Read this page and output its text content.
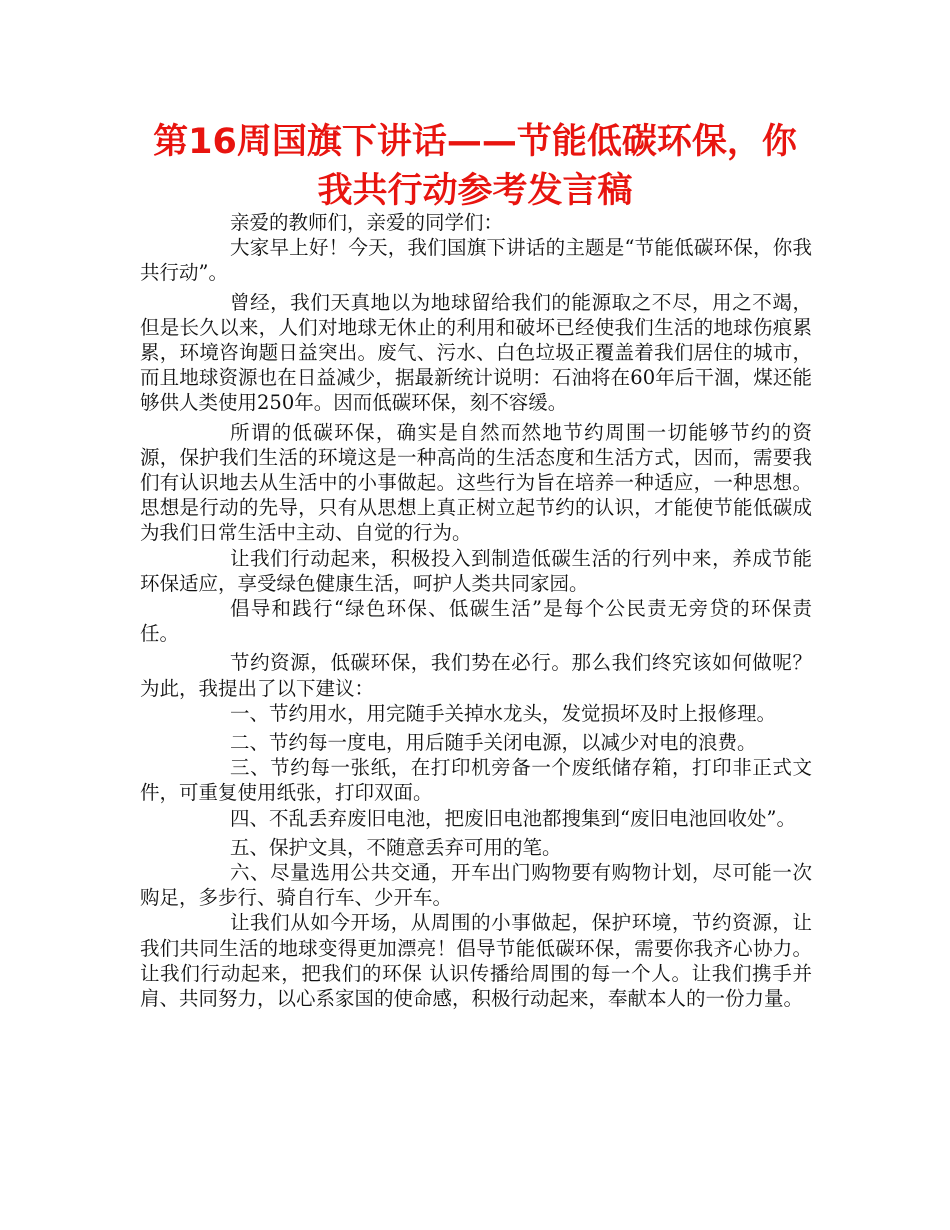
第16周国旗下讲话——节能低碳环保，你我共行动参考发言稿

亲爱的教师们，亲爱的同学们：

大家早上好！今天，我们国旗下讲话的主题是“节能低碳环保，你我共行动”。

曾经，我们天真地以为地球留给我们的能源取之不尽，用之不竭，但是长久以来，人们对地球无休止的利用和破坏已经使我们生活的地球伤痕累累，环境咨询题日益突出。废气、污水、白色垃圾正覆盖着我们居住的城市，而且地球资源也在日益减少，据最新统计说明：石油将在60年后干涸，煤还能够供人类使用250年。因而低碳环保，刻不容缓。

所谓的低碳环保，确实是自然而然地节约周围一切能够节约的资源，保护我们生活的环境这是一种高尚的生活态度和生活方式，因而，需要我们有认识地去从生活中的小事做起。这些行为旨在培养一种适应，一种思想。思想是行动的先导，只有从思想上真正树立起节约的认识，才能使节能低碳成为我们日常生活中主动、自觉的行为。

让我们行动起来，积极投入到制造低碳生活的行列中来，养成节能环保适应，享受绿色健康生活，呵护人类共同家园。

倡导和践行“绿色环保、低碳生活”是每个公民责无旁贷的环保责任。

节约资源，低碳环保，我们势在必行。那么我们终究该如何做呢？为此，我提出了以下建议：

一、节约用水，用完随手关掉水龙头，发觉损坏及时上报修理。

二、节约每一度电，用后随手关闭电源，以减少对电的浪费。

三、节约每一张纸，在打印机旁备一个废纸储存箱，打印非正式文件，可重复使用纸张，打印双面。

四、不乱丢弃废旧电池，把废旧电池都搜集到“废旧电池回收处”。

五、保护文具，不随意丢弃可用的笔。

六、尽量选用公共交通，开车出门购物要有购物计划，尽可能一次购足，多步行、骑自行车、少开车。

让我们从如今开场，从周围的小事做起，保护环境，节约资源，让我们共同生活的地球变得更加漂亮！倡导节能低碳环保，需要你我齐心协力。让我们行动起来，把我们的环保 认识传播给周围的每一个人。让我们携手并肩、共同努力，以心系家国的使命感，积极行动起来，奉献本人的一份力量。
